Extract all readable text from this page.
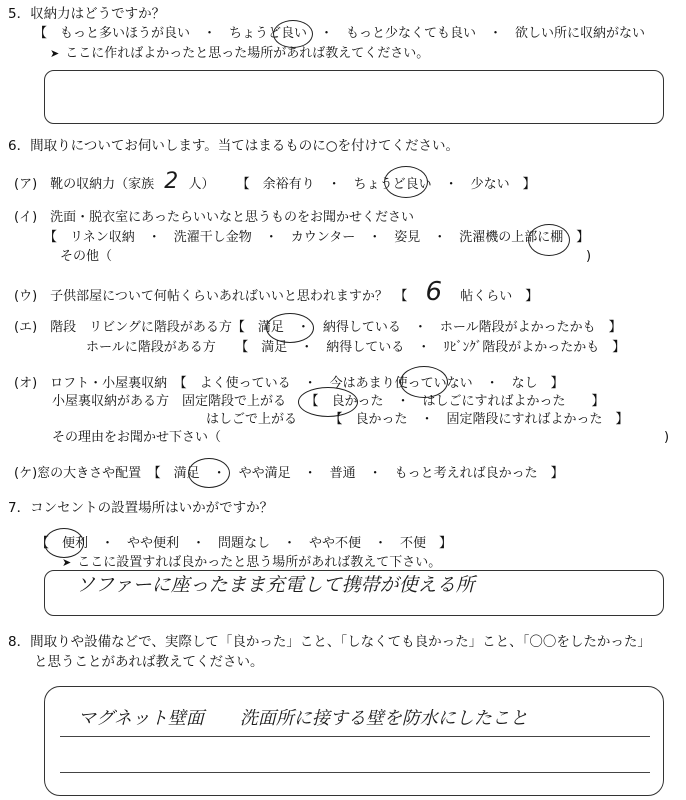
5．収納力はどうですか？
【　もっと多いほうが良い　・　ちょうど良い　・　もっと少なくても良い　・　欲しい所に収納がない
➤ ここに作ればよかったと思った場所があれば教えてください。
6．間取りについてお伺いします。当てはまるものに○を付けてください。
(ア)　靴の収納力（家族 2 人） 【　余裕有り　・　ちょうど良い　・　少ない　】
(イ)　洗面・脱衣室にあったらいいなと思うものをお聞かせください
【　リネン収納　・　洗濯干し金物　・　カウンター　・　姿見　・　洗濯機の上部に棚　】
その他（	)
(ウ)　子供部屋について何帖くらいあればいいと思われますか？　【 6 帖くらい　】
(エ)　階段　リビングに階段がある方【　満足　・　納得している　・　ホール階段がよかったかも　】
ホールに階段がある方　　【　満足　・　納得している　・　ﾘﾋﾞﾝｸﾞ階段がよかったかも　】
(オ)　ロフト・小屋裏収納　【　よく使っている　・　今はあまり使っていない　・　なし　】
小屋裏収納がある方　固定階段で上がる　　【　良かった　・　はしごにすればよかった　　】
はしごで上がる　　　【　良かった　・　固定階段にすればよかった　】
その理由をお聞かせ下さい（	)
(ケ)窓の大きさや配置　【　満足　・　やや満足　・　普通　・　もっと考えれば良かった　】
7．コンセントの設置場所はいかがですか？
【　便利　・　やや便利　・　問題なし　・　やや不便　・　不便　】
➤ ここに設置すれば良かったと思う場所があれば教えて下さい。
ソファーに座ったまま充電して携帯が使える所
8．間取りや設備などで、実際して「良かった」こと、「しなくても良かった」こと、「〇〇をしたかった」
と思うことがあれば教えてください。
マグネット壁面　　洗面所に接する壁を防水にしたこと
